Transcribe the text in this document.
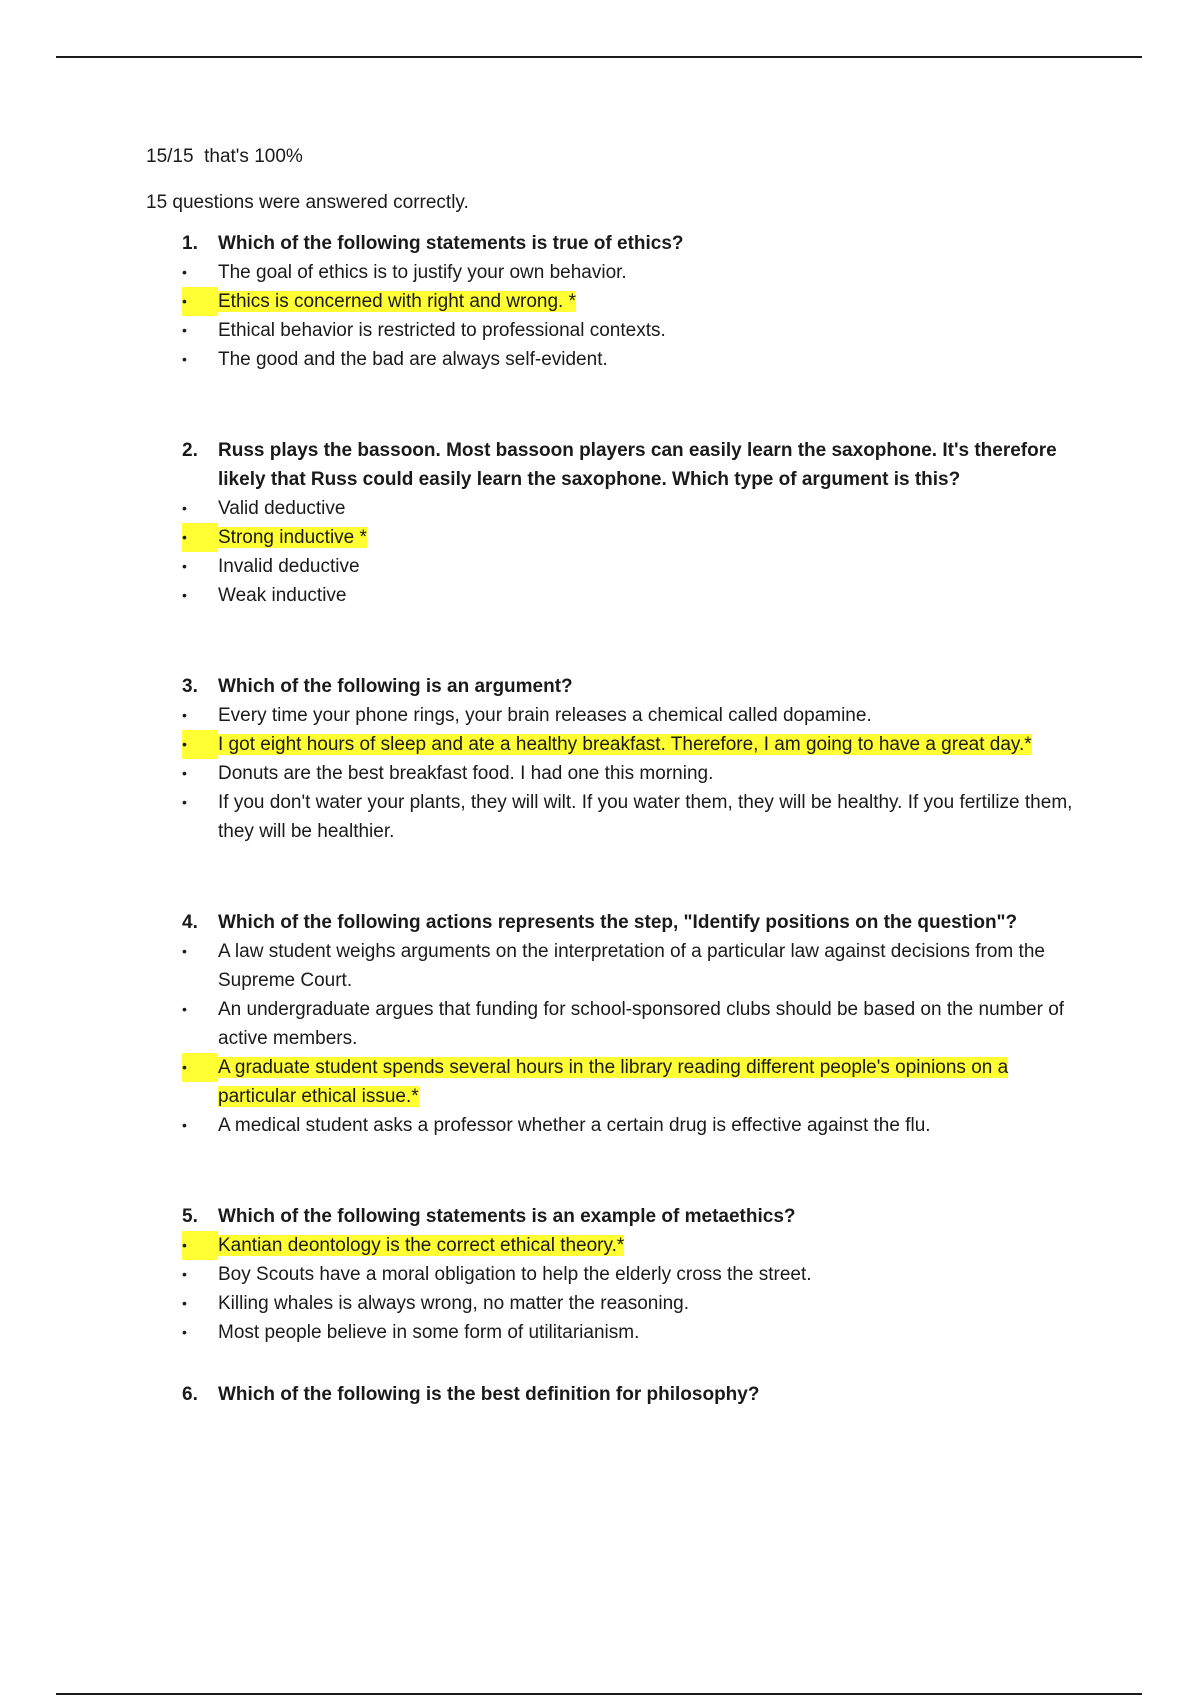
15/15  that's 100%

15 questions were answered correctly.

1.	Which of the following statements is true of ethics?
•	The goal of ethics is to justify your own behavior.
•	Ethics is concerned with right and wrong. *
•	Ethical behavior is restricted to professional contexts.
•	The good and the bad are always self-evident.
2.	Russ plays the bassoon. Most bassoon players can easily learn the saxophone. It's therefore likely that Russ could easily learn the saxophone. Which type of argument is this?
•	Valid deductive
•	Strong inductive *
•	Invalid deductive
•	Weak inductive
3.	Which of the following is an argument?
•	Every time your phone rings, your brain releases a chemical called dopamine.
•	I got eight hours of sleep and ate a healthy breakfast. Therefore, I am going to have a great day.*
•	Donuts are the best breakfast food. I had one this morning.
•	If you don't water your plants, they will wilt. If you water them, they will be healthy. If you fertilize them, they will be healthier.
4.	Which of the following actions represents the step, "Identify positions on the question"?
•	A law student weighs arguments on the interpretation of a particular law against decisions from the Supreme Court.
•	An undergraduate argues that funding for school-sponsored clubs should be based on the number of active members.
•	A graduate student spends several hours in the library reading different people's opinions on a particular ethical issue.*
•	A medical student asks a professor whether a certain drug is effective against the flu.
5.	Which of the following statements is an example of metaethics?
•	Kantian deontology is the correct ethical theory.*
•	Boy Scouts have a moral obligation to help the elderly cross the street.
•	Killing whales is always wrong, no matter the reasoning.
•	Most people believe in some form of utilitarianism.
6.	Which of the following is the best definition for philosophy?
